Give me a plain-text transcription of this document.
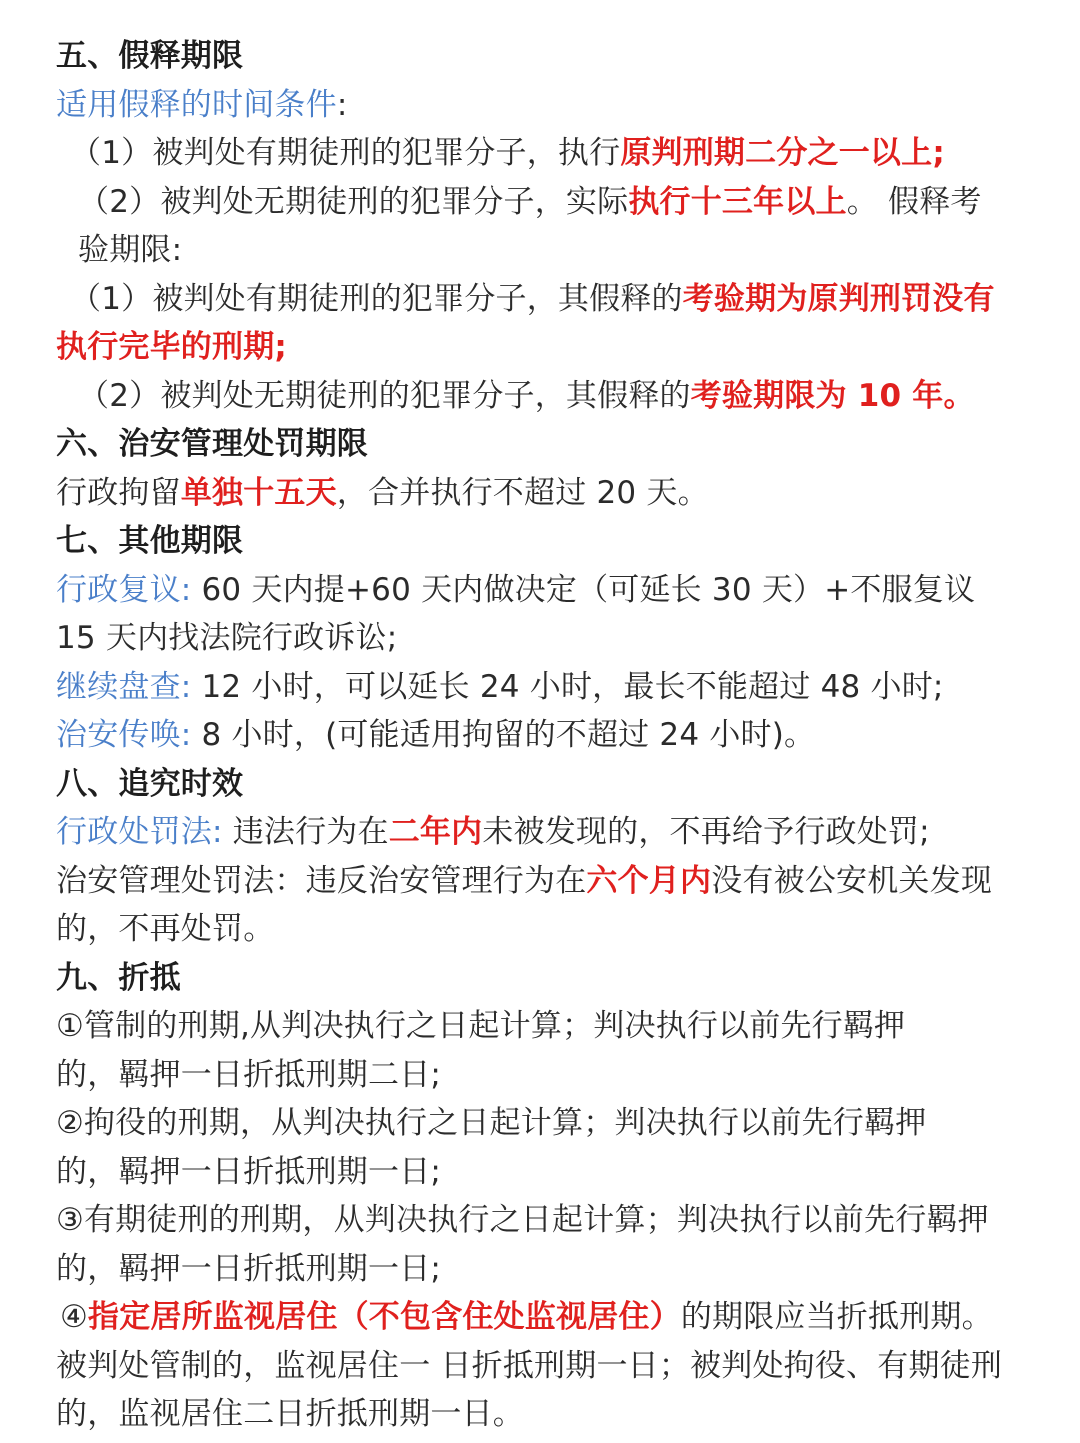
五、假释期限
适用假释的时间条件:
（1）被判处有期徒刑的犯罪分子，执行原判刑期二分之一以上;
（2）被判处无期徒刑的犯罪分子，实际执行十三年以上。 假释考
验期限:
（1）被判处有期徒刑的犯罪分子，其假释的考验期为原判刑罚没有执行完毕的刑期;
（2）被判处无期徒刑的犯罪分子，其假释的考验期限为 10 年。
六、治安管理处罚期限
行政拘留单独十五天，合并执行不超过 20 天。
七、其他期限
行政复议: 60 天内提+60 天内做决定（可延长 30 天）+不服复议 15 天内找法院行政诉讼;
继续盘查: 12 小时，可以延长 24 小时，最长不能超过 48 小时;
治安传唤: 8 小时，(可能适用拘留的不超过 24 小时)。
八、追究时效
行政处罚法: 违法行为在二年内未被发现的，不再给予行政处罚;
治安管理处罚法：违反治安管理行为在六个月内没有被公安机关发现的，不再处罚。
九、折抵
①管制的刑期,从判决执行之日起计算；判决执行以前先行羁押的，羁押一日折抵刑期二日;
②拘役的刑期，从判决执行之日起计算；判决执行以前先行羁押的，羁押一日折抵刑期一日;
③有期徒刑的刑期，从判决执行之日起计算；判决执行以前先行羁押的，羁押一日折抵刑期一日;
④指定居所监视居住（不包含住处监视居住）的期限应当折抵刑期。被判处管制的，监视居住一 日折抵刑期一日；被判处拘役、有期徒刑的，监视居住二日折抵刑期一日。
